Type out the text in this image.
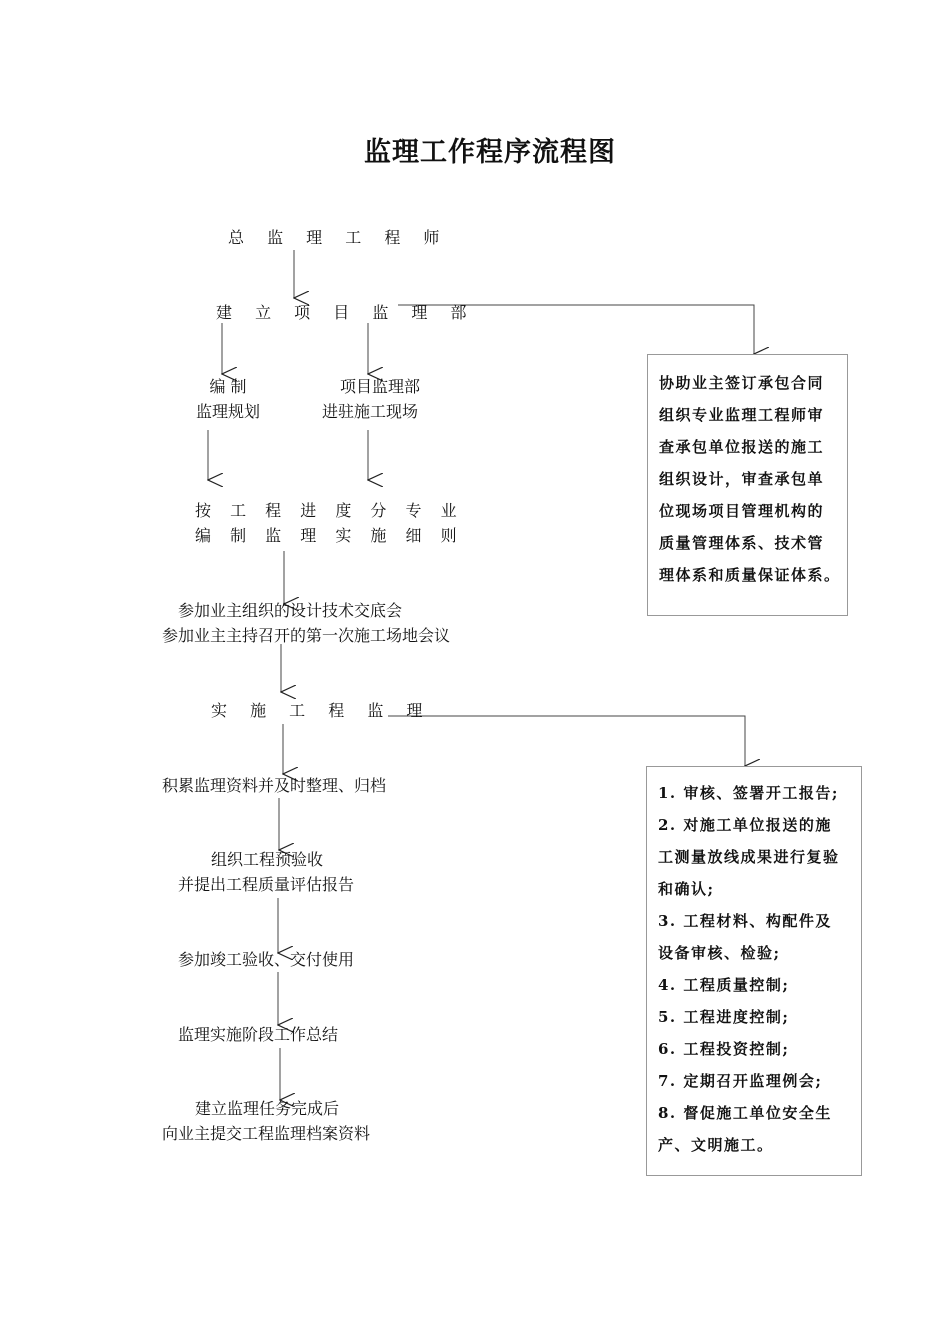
监理工作程序流程图
总 监 理 工 程 师
建 立 项 目 监 理 部
编 制
监理规划
项目监理部
进驻施工现场
按 工 程 进 度 分 专 业
编 制 监 理 实 施 细 则
参加业主组织的设计技术交底会
参加业主主持召开的第一次施工场地会议
实 施 工 程 监 理
积累监理资料并及时整理、归档
组织工程预验收
并提出工程质量评估报告
参加竣工验收、交付使用
监理实施阶段工作总结
建立监理任务完成后
向业主提交工程监理档案资料
协助业主签订承包合同
组织专业监理工程师审
查承包单位报送的施工
组织设计，审查承包单
位现场项目管理机构的
质量管理体系、技术管
理体系和质量保证体系。
1. 审核、签署开工报告;
2. 对施工单位报送的施
工测量放线成果进行复验
和确认;
3. 工程材料、构配件及
设备审核、检验;
4. 工程质量控制;
5. 工程进度控制;
6. 工程投资控制;
7. 定期召开监理例会;
8. 督促施工单位安全生
产、文明施工。
